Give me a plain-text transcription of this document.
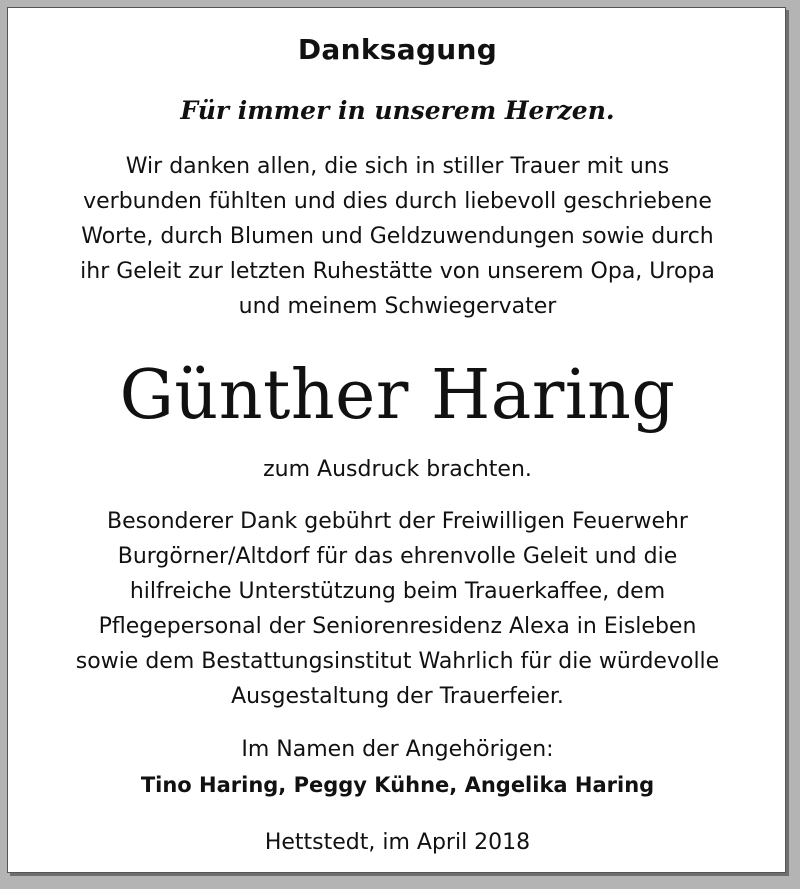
Danksagung
Für immer in unserem Herzen.
Wir danken allen, die sich in stiller Trauer mit uns
verbunden fühlten und dies durch liebevoll geschriebene
Worte, durch Blumen und Geldzuwendungen sowie durch
ihr Geleit zur letzten Ruhestätte von unserem Opa, Uropa
und meinem Schwiegervater
Günther Haring
zum Ausdruck brachten.
Besonderer Dank gebührt der Freiwilligen Feuerwehr
Burgörner/Altdorf für das ehrenvolle Geleit und die
hilfreiche Unterstützung beim Trauerkaffee, dem
Pflegepersonal der Seniorenresidenz Alexa in Eisleben
sowie dem Bestattungsinstitut Wahrlich für die würdevolle
Ausgestaltung der Trauerfeier.
Im Namen der Angehörigen:
Tino Haring, Peggy Kühne, Angelika Haring
Hettstedt, im April 2018
